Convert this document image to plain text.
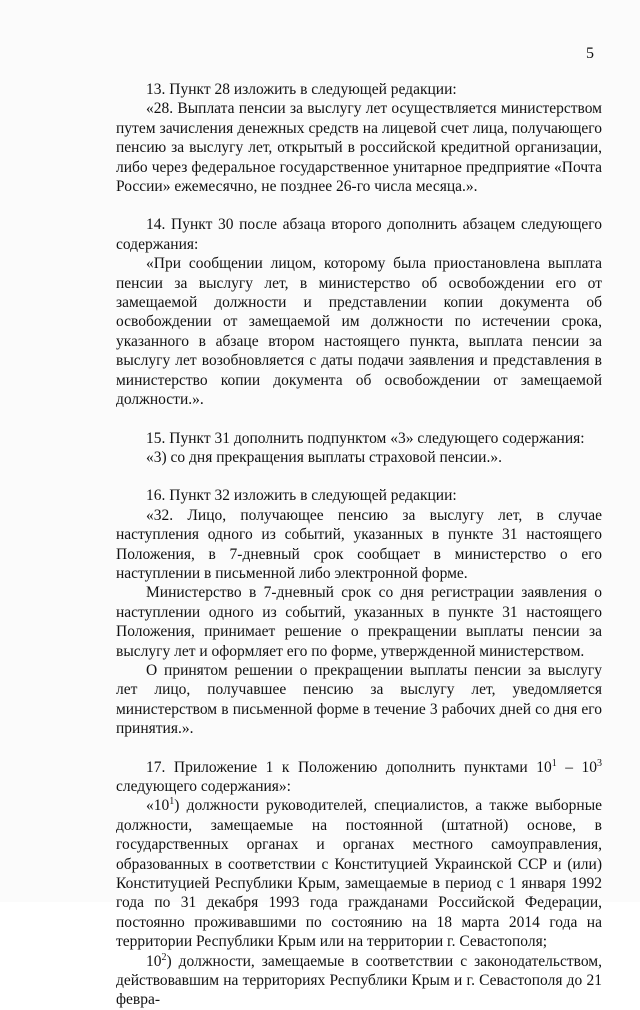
5

13. Пункт 28 изложить в следующей редакции:

«28. Выплата пенсии за выслугу лет осуществляется министерством путем зачисления денежных средств на лицевой счет лица, получающего пенсию за выслугу лет, открытый в российской кредитной организации, либо через федеральное государственное унитарное предприятие «Почта России» ежемесячно, не позднее 26-го числа месяца.».

14. Пункт 30 после абзаца второго дополнить абзацем следующего содержания:

«При сообщении лицом, которому была приостановлена выплата пенсии за выслугу лет, в министерство об освобождении его от замещаемой должности и представлении копии документа об освобождении от замещаемой им должности по истечении срока, указанного в абзаце втором настоящего пункта, выплата пенсии за выслугу лет возобновляется с даты подачи заявления и представления в министерство копии документа об освобождении от замещаемой должности.».

15. Пункт 31 дополнить подпунктом «3» следующего содержания:

«3) со дня прекращения выплаты страховой пенсии.».

16. Пункт 32 изложить в следующей редакции:

«32. Лицо, получающее пенсию за выслугу лет, в случае наступления одного из событий, указанных в пункте 31 настоящего Положения, в 7-дневный срок сообщает в министерство о его наступлении в письменной либо электронной форме.

Министерство в 7-дневный срок со дня регистрации заявления о наступлении одного из событий, указанных в пункте 31 настоящего Положения, принимает решение о прекращении выплаты пенсии за выслугу лет и оформляет его по форме, утвержденной министерством.

О принятом решении о прекращении выплаты пенсии за выслугу лет лицо, получавшее пенсию за выслугу лет, уведомляется министерством в письменной форме в течение 3 рабочих дней со дня его принятия.».

17. Приложение 1 к Положению дополнить пунктами $10^1 - 10^3$ следующего содержания»:

«$10^1$) должности руководителей, специалистов, а также выборные должности, замещаемые на постоянной (штатной) основе, в государственных органах и органах местного самоуправления, образованных в соответствии с Конституцией Украинской ССР и (или) Конституцией Республики Крым, замещаемые в период с 1 января 1992 года по 31 декабря 1993 года гражданами Российской Федерации, постоянно проживавшими по состоянию на 18 марта 2014 года на территории Республики Крым или на территории г. Севастополя;

$10^2$) должности, замещаемые в соответствии с законодательством, действовавшим на территориях Республики Крым и г. Севастополя до 21 февра-
